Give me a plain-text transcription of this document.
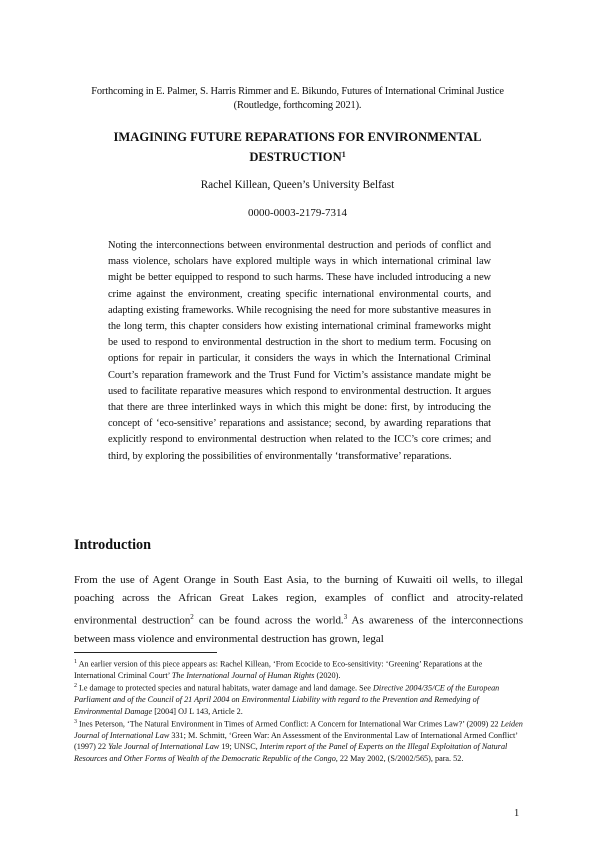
Forthcoming in E. Palmer, S. Harris Rimmer and E. Bikundo, Futures of International Criminal Justice (Routledge, forthcoming 2021).
IMAGINING FUTURE REPARATIONS FOR ENVIRONMENTAL DESTRUCTION$^1$
Rachel Killean, Queen’s University Belfast
0000-0003-2179-7314
Noting the interconnections between environmental destruction and periods of conflict and mass violence, scholars have explored multiple ways in which international criminal law might be better equipped to respond to such harms. These have included introducing a new crime against the environment, creating specific international environmental courts, and adapting existing frameworks. While recognising the need for more substantive measures in the long term, this chapter considers how existing international criminal frameworks might be used to respond to environmental destruction in the short to medium term. Focusing on options for repair in particular, it considers the ways in which the International Criminal Court’s reparation framework and the Trust Fund for Victim’s assistance mandate might be used to facilitate reparative measures which respond to environmental destruction. It argues that there are three interlinked ways in which this might be done: first, by introducing the concept of ‘eco-sensitive’ reparations and assistance; second, by awarding reparations that explicitly respond to environmental destruction when related to the ICC’s core crimes; and third, by exploring the possibilities of environmentally ‘transformative’ reparations.
Introduction
From the use of Agent Orange in South East Asia, to the burning of Kuwaiti oil wells, to illegal poaching across the African Great Lakes region, examples of conflict and atrocity-related environmental destruction$^2$ can be found across the world.$^3$ As awareness of the interconnections between mass violence and environmental destruction has grown, legal

$^1$ An earlier version of this piece appears as: Rachel Killean, ‘From Ecocide to Eco-sensitivity: ‘Greening’ Reparations at the International Criminal Court’ The International Journal of Human Rights (2020).

$^2$ I.e damage to protected species and natural habitats, water damage and land damage. See Directive 2004/35/CE of the European Parliament and of the Council of 21 April 2004 on Environmental Liability with regard to the Prevention and Remedying of Environmental Damage [2004] OJ L 143, Article 2.

$^3$ Ines Peterson, ‘The Natural Environment in Times of Armed Conflict: A Concern for International War Crimes Law?’ (2009) 22 Leiden Journal of International Law 331; M. Schmitt, ‘Green War: An Assessment of the Environmental Law of International Armed Conflict’ (1997) 22 Yale Journal of International Law 19; UNSC, Interim report of the Panel of Experts on the Illegal Exploitation of Natural Resources and Other Forms of Wealth of the Democratic Republic of the Congo, 22 May 2002, (S/2002/565), para. 52.

1
